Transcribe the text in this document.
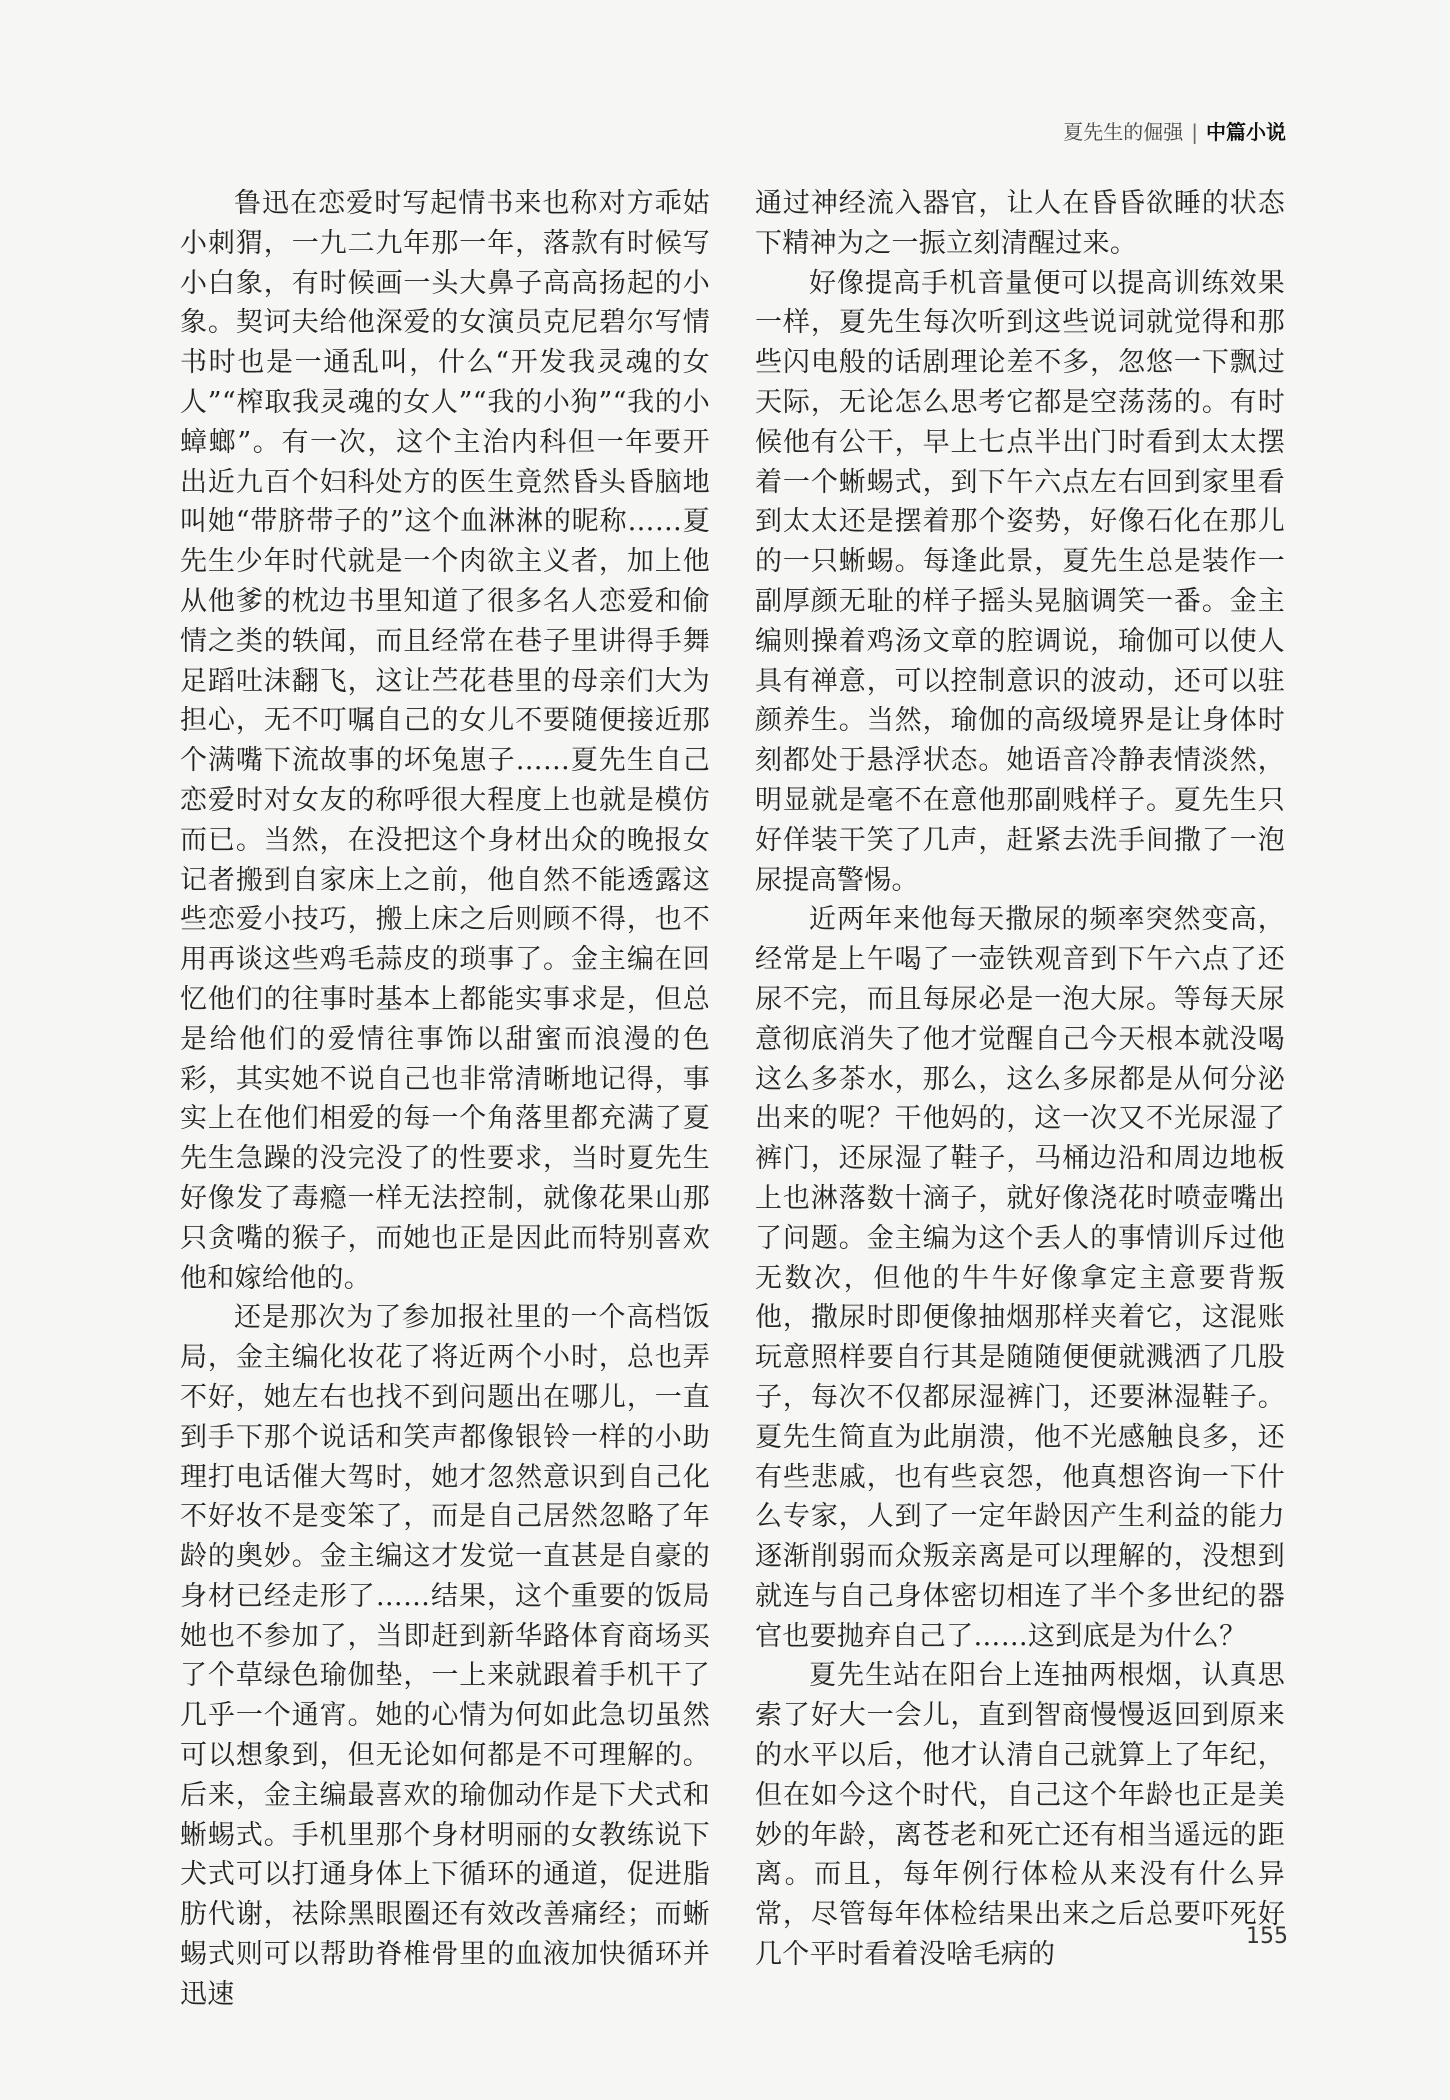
夏先生的倔强 | 中篇小说

鲁迅在恋爱时写起情书来也称对方乖姑小刺猬，一九二九年那一年，落款有时候写小白象，有时候画一头大鼻子高高扬起的小象。契诃夫给他深爱的女演员克尼碧尔写情书时也是一通乱叫，什么“开发我灵魂的女人”“榨取我灵魂的女人”“我的小狗”“我的小蟑螂”。有一次，这个主治内科但一年要开出近九百个妇科处方的医生竟然昏头昏脑地叫她“带脐带子的”这个血淋淋的昵称……夏先生少年时代就是一个肉欲主义者，加上他从他爹的枕边书里知道了很多名人恋爱和偷情之类的轶闻，而且经常在巷子里讲得手舞足蹈吐沫翻飞，这让苎花巷里的母亲们大为担心，无不叮嘱自己的女儿不要随便接近那个满嘴下流故事的坏兔崽子……夏先生自己恋爱时对女友的称呼很大程度上也就是模仿而已。当然，在没把这个身材出众的晚报女记者搬到自家床上之前，他自然不能透露这些恋爱小技巧，搬上床之后则顾不得，也不用再谈这些鸡毛蒜皮的琐事了。金主编在回忆他们的往事时基本上都能实事求是，但总是给他们的爱情往事饰以甜蜜而浪漫的色彩，其实她不说自己也非常清晰地记得，事实上在他们相爱的每一个角落里都充满了夏先生急躁的没完没了的性要求，当时夏先生好像发了毒瘾一样无法控制，就像花果山那只贪嘴的猴子，而她也正是因此而特别喜欢他和嫁给他的。

还是那次为了参加报社里的一个高档饭局，金主编化妆花了将近两个小时，总也弄不好，她左右也找不到问题出在哪儿，一直到手下那个说话和笑声都像银铃一样的小助理打电话催大驾时，她才忽然意识到自己化不好妆不是变笨了，而是自己居然忽略了年龄的奥妙。金主编这才发觉一直甚是自豪的身材已经走形了……结果，这个重要的饭局她也不参加了，当即赶到新华路体育商场买了个草绿色瑜伽垫，一上来就跟着手机干了几乎一个通宵。她的心情为何如此急切虽然可以想象到，但无论如何都是不可理解的。后来，金主编最喜欢的瑜伽动作是下犬式和蜥蜴式。手机里那个身材明丽的女教练说下犬式可以打通身体上下循环的通道，促进脂肪代谢，祛除黑眼圈还有效改善痛经；而蜥蜴式则可以帮助脊椎骨里的血液加快循环并迅速

通过神经流入器官，让人在昏昏欲睡的状态下精神为之一振立刻清醒过来。

好像提高手机音量便可以提高训练效果一样，夏先生每次听到这些说词就觉得和那些闪电般的话剧理论差不多，忽悠一下飘过天际，无论怎么思考它都是空荡荡的。有时候他有公干，早上七点半出门时看到太太摆着一个蜥蜴式，到下午六点左右回到家里看到太太还是摆着那个姿势，好像石化在那儿的一只蜥蜴。每逢此景，夏先生总是装作一副厚颜无耻的样子摇头晃脑调笑一番。金主编则操着鸡汤文章的腔调说，瑜伽可以使人具有禅意，可以控制意识的波动，还可以驻颜养生。当然，瑜伽的高级境界是让身体时刻都处于悬浮状态。她语音冷静表情淡然，明显就是毫不在意他那副贱样子。夏先生只好佯装干笑了几声，赶紧去洗手间撒了一泡尿提高警惕。

近两年来他每天撒尿的频率突然变高，经常是上午喝了一壶铁观音到下午六点了还尿不完，而且每尿必是一泡大尿。等每天尿意彻底消失了他才觉醒自己今天根本就没喝这么多茶水，那么，这么多尿都是从何分泌出来的呢？干他妈的，这一次又不光尿湿了裤门，还尿湿了鞋子，马桶边沿和周边地板上也淋落数十滴子，就好像浇花时喷壶嘴出了问题。金主编为这个丢人的事情训斥过他无数次，但他的牛牛好像拿定主意要背叛他，撒尿时即便像抽烟那样夹着它，这混账玩意照样要自行其是随随便便就溅洒了几股子，每次不仅都尿湿裤门，还要淋湿鞋子。夏先生简直为此崩溃，他不光感触良多，还有些悲戚，也有些哀怨，他真想咨询一下什么专家，人到了一定年龄因产生利益的能力逐渐削弱而众叛亲离是可以理解的，没想到就连与自己身体密切相连了半个多世纪的器官也要抛弃自己了……这到底是为什么？

夏先生站在阳台上连抽两根烟，认真思索了好大一会儿，直到智商慢慢返回到原来的水平以后，他才认清自己就算上了年纪，但在如今这个时代，自己这个年龄也正是美妙的年龄，离苍老和死亡还有相当遥远的距离。而且，每年例行体检从来没有什么异常，尽管每年体检结果出来之后总要吓死好几个平时看着没啥毛病的

155
